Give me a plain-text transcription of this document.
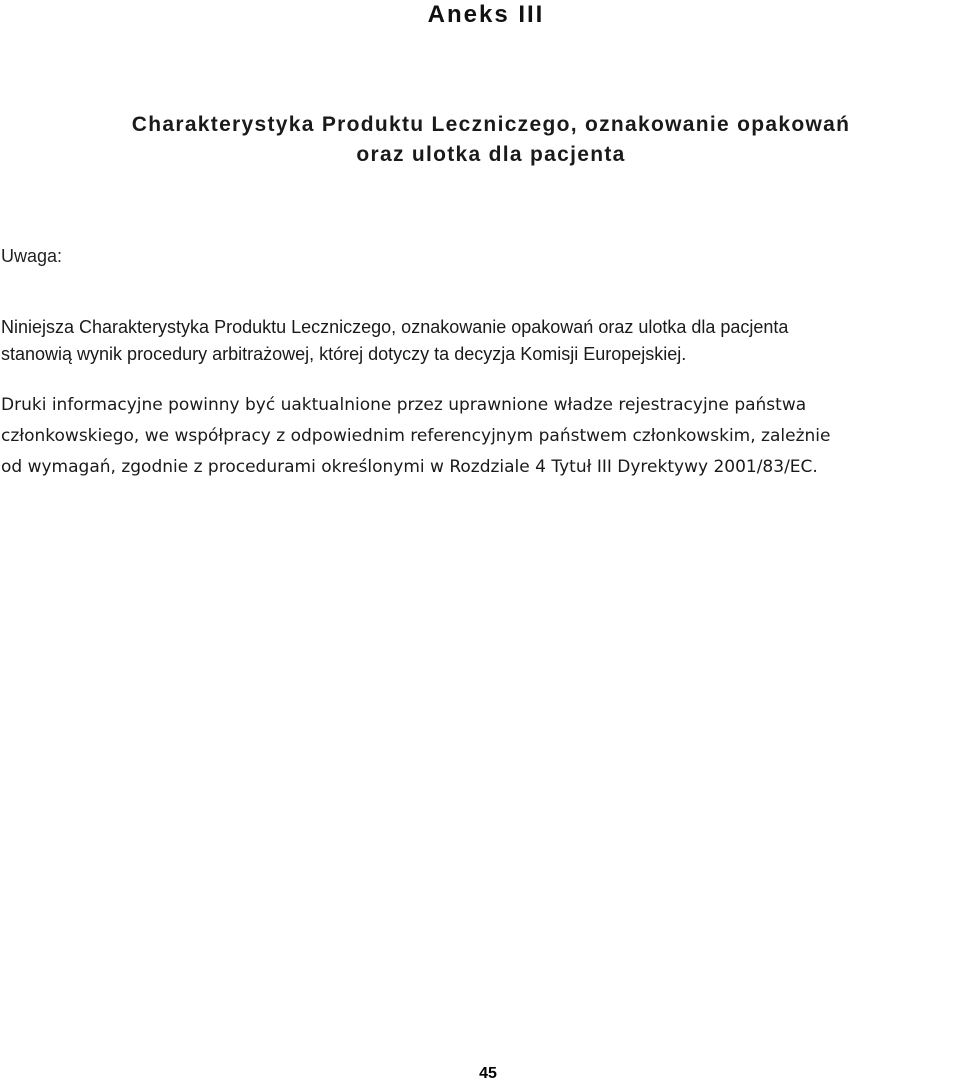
Aneks III
Charakterystyka Produktu Leczniczego, oznakowanie opakowań
oraz ulotka dla pacjenta

Uwaga:

Niniejsza Charakterystyka Produktu Leczniczego, oznakowanie opakowań oraz ulotka dla pacjenta
stanowią wynik procedury arbitrażowej, której dotyczy ta decyzja Komisji Europejskiej.

Druki informacyjne powinny być uaktualnione przez uprawnione władze rejestracyjne państwa
członkowskiego, we współpracy z odpowiednim referencyjnym państwem członkowskim, zależnie
od wymagań, zgodnie z procedurami określonymi w Rozdziale 4 Tytuł III Dyrektywy 2001/83/EC.

45
